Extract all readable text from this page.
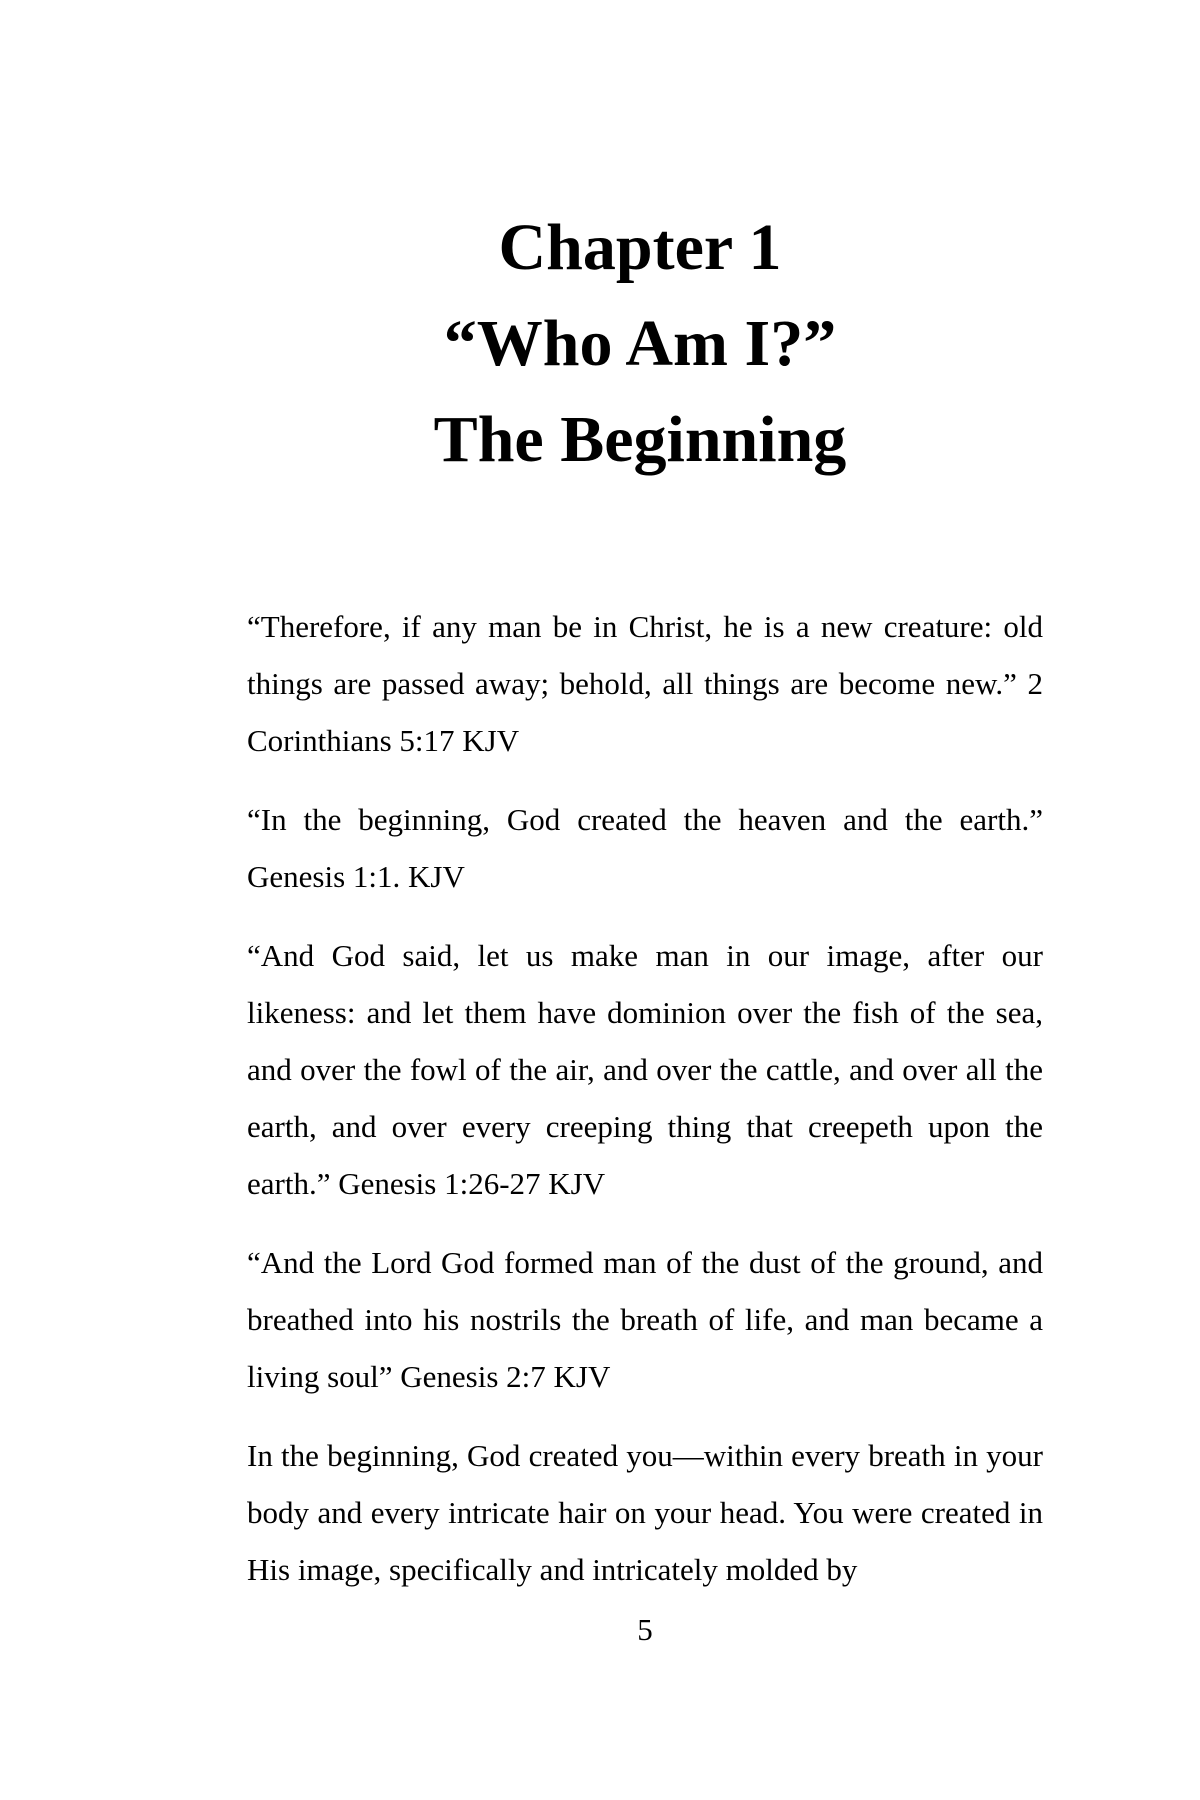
Chapter 1
“Who Am I?”
The Beginning

“Therefore, if any man be in Christ, he is a new creature: old things are passed away; behold, all things are become new.” 2 Corinthians 5:17 KJV

“In the beginning, God created the heaven and the earth.” Genesis 1:1. KJV

“And God said, let us make man in our image, after our likeness: and let them have dominion over the fish of the sea, and over the fowl of the air, and over the cattle, and over all the earth, and over every creeping thing that creepeth upon the earth.” Genesis 1:26-27 KJV

“And the Lord God formed man of the dust of the ground, and breathed into his nostrils the breath of life, and man became a living soul” Genesis 2:7 KJV

In the beginning, God created you—within every breath in your body and every intricate hair on your head. You were created in His image, specifically and intricately molded by

5
